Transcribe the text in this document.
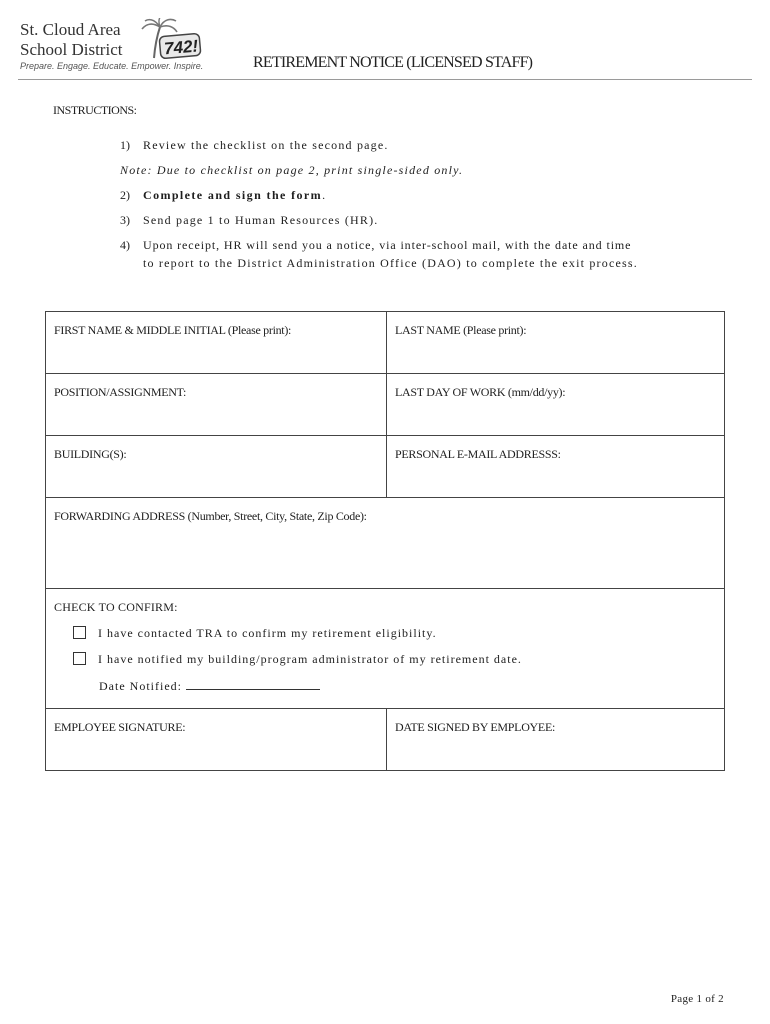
St. Cloud Area
School District 742!
Prepare. Engage. Educate. Empower. Inspire.	RETIREMENT NOTICE (LICENSED STAFF)
INSTRUCTIONS:
1) Review the checklist on the second page.
Note: Due to checklist on page 2, print single-sided only.
2) Complete and sign the form.
3) Send page 1 to Human Resources (HR).
4) Upon receipt, HR will send you a notice, via inter-school mail, with the date and time
to report to the District Administration Office (DAO) to complete the exit process.
FIRST NAME & MIDDLE INITIAL (Please print):	LAST NAME (Please print):
POSITION/ASSIGNMENT:	LAST DAY OF WORK (mm/dd/yy):
BUILDING(S):	PERSONAL E-MAIL ADDRESSS:
FORWARDING ADDRESS (Number, Street, City, State, Zip Code):
CHECK TO CONFIRM:
I have contacted TRA to confirm my retirement eligibility.
I have notified my building/program administrator of my retirement date.
Date Notified:
EMPLOYEE SIGNATURE:	DATE SIGNED BY EMPLOYEE:
Page 1 of 2
